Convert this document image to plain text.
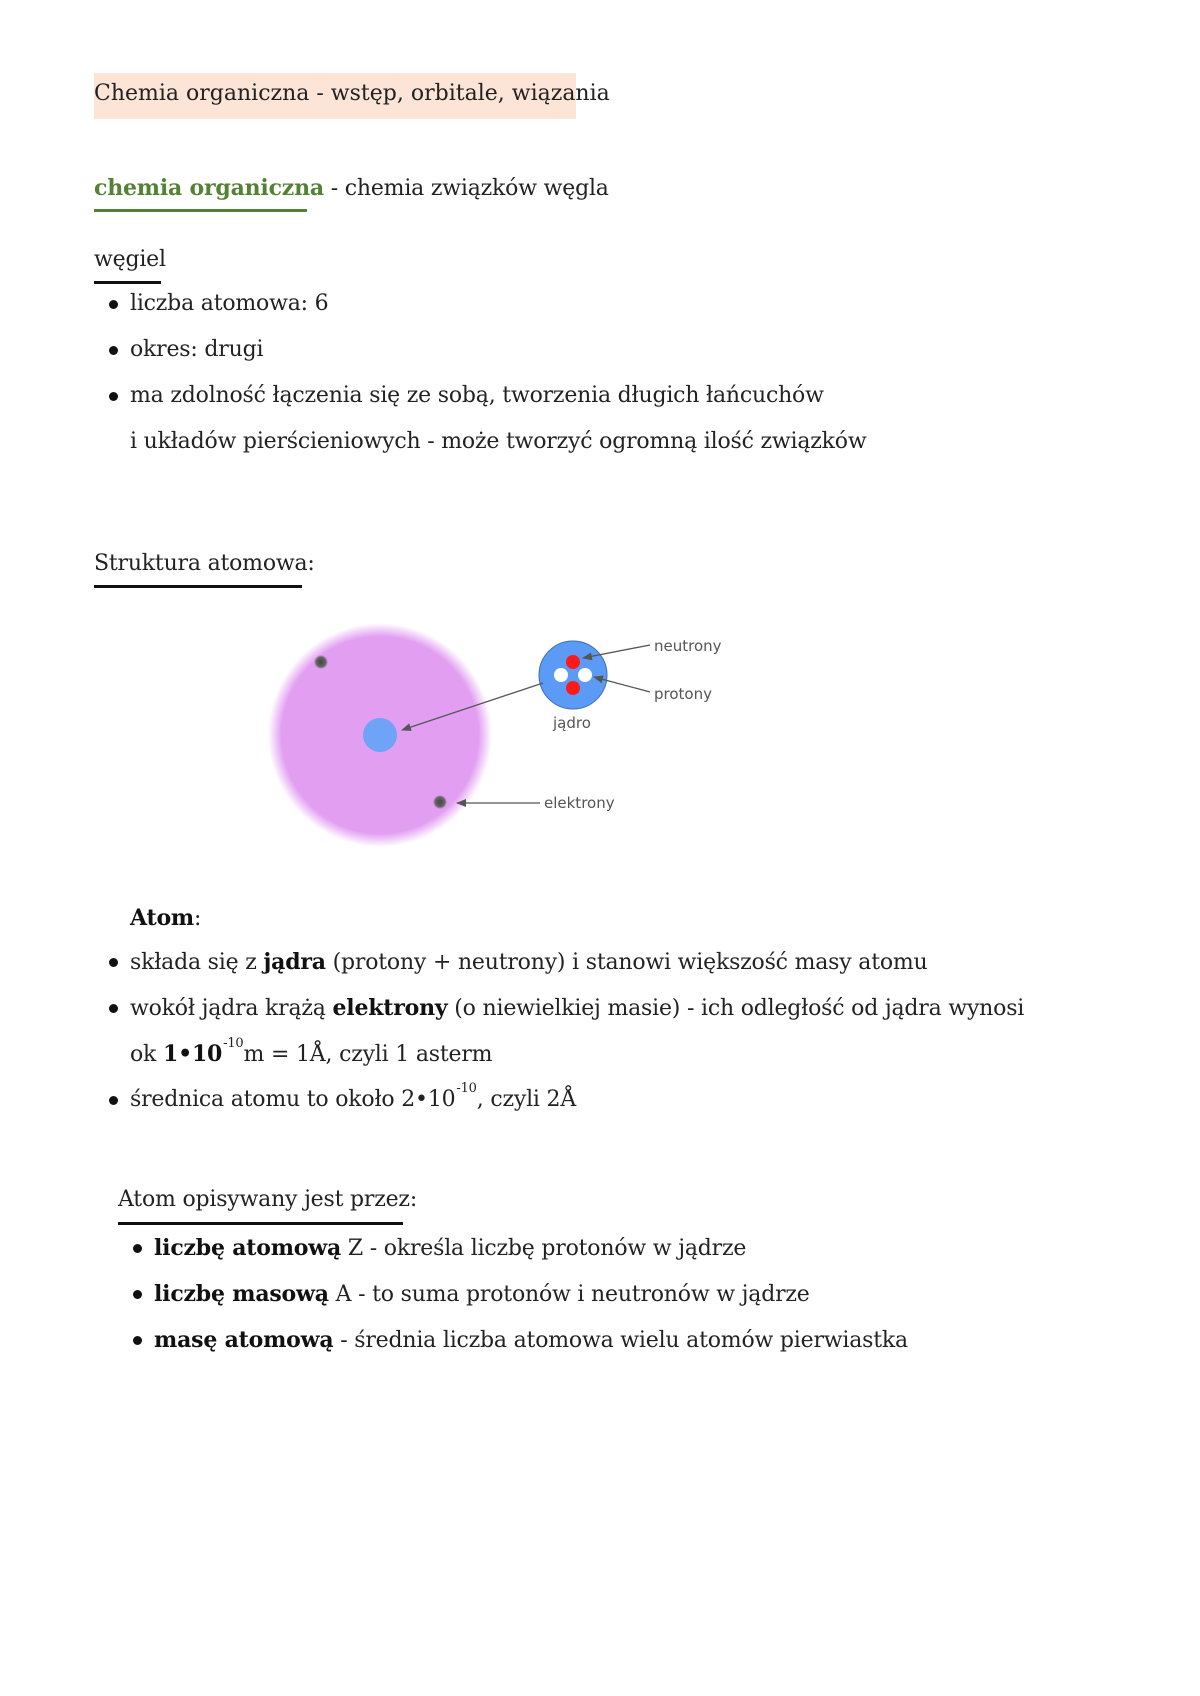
Chemia organiczna - wstęp, orbitale, wiązania
chemia organiczna - chemia związków węgla
węgiel
liczba atomowa: 6
okres: drugi
ma zdolność łączenia się ze sobą, tworzenia długich łańcuchów
i układów pierścieniowych - może tworzyć ogromną ilość związków
Struktura atomowa:
neutrony
protony
jądro
elektrony
Atom:
składa się z jądra (protony + neutrony) i stanowi większość masy atomu
wokół jądra krążą elektrony (o niewielkiej masie) - ich odległość od jądra wynosi
ok $1•10^{-10}m$ = 1Å, czyli 1 asterm
średnica atomu to około $2•10^{-10}$, czyli 2Å
Atom opisywany jest przez:
liczbę atomową Z - określa liczbę protonów w jądrze
liczbę masową A - to suma protonów i neutronów w jądrze
masę atomową - średnia liczba atomowa wielu atomów pierwiastka
